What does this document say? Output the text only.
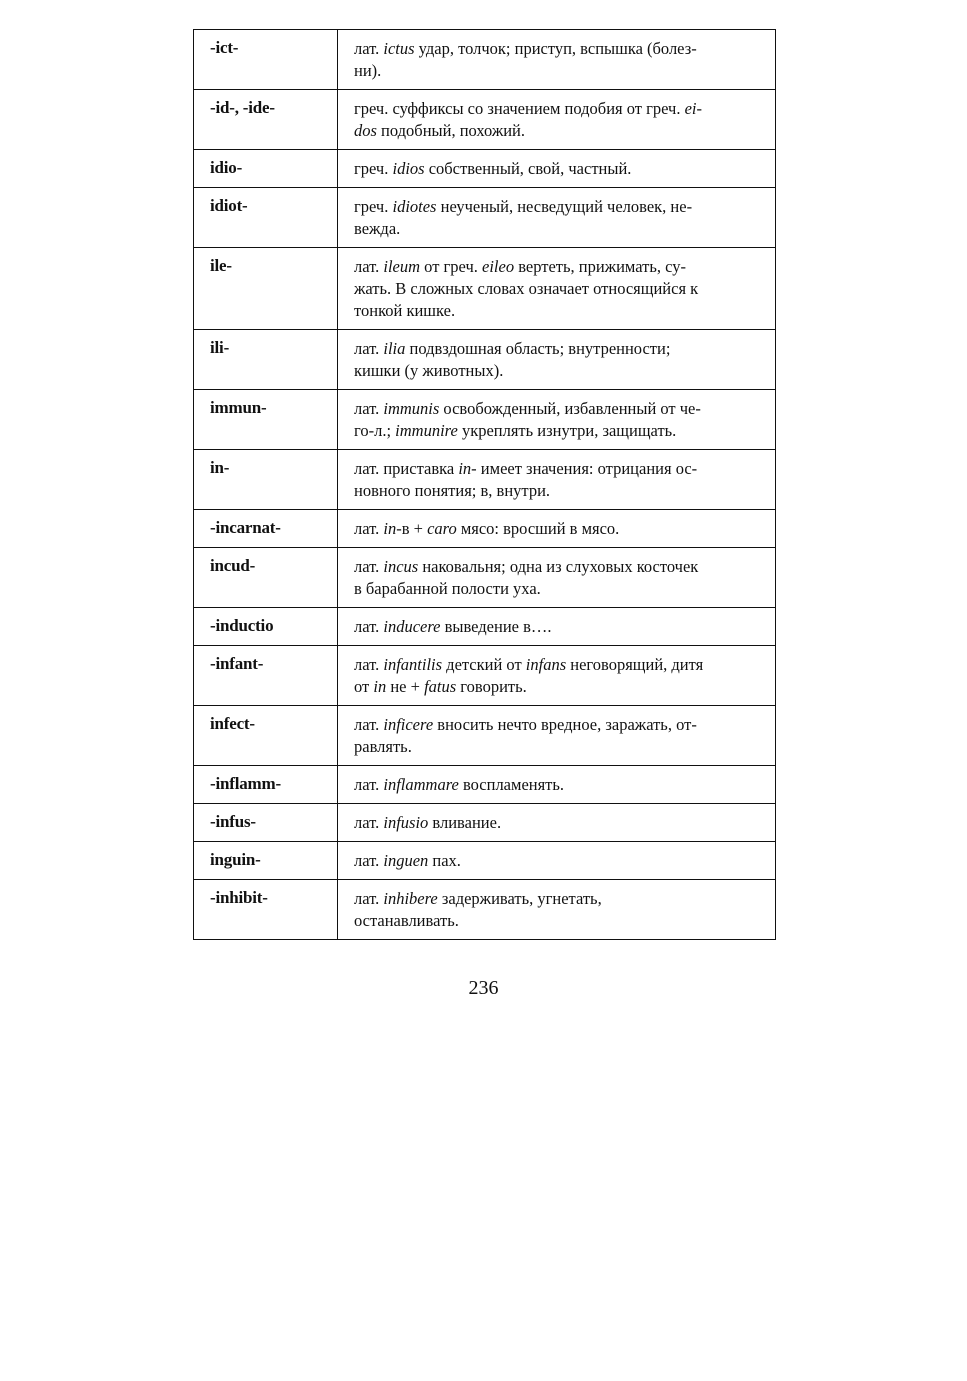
-ict-	лат. ictus удар, толчок; приступ, вспышка (болез-
ни).

-id-, -ide-	греч. суффиксы со значением подобия от греч. ei-
dos подобный, похожий.

idio-	греч. idios собственный, свой, частный.

idiot-	греч. idiotes неученый, несведущий человек, не-
вежда.

ile-	лат. ileum от греч. eileo вертеть, прижимать, су-
жать. В сложных словах означает относящийся к
тонкой кишке.

ili-	лат. ilia подвздошная область; внутренности;
кишки (у животных).

immun-	лат. immunis освобожденный, избавленный от че-
го-л.; immunire укреплять изнутри, защищать.

in-	лат. приставка in- имеет значения: отрицания ос-
новного понятия; в, внутри.

-incarnat-	лат. in-в + caro мясо: вросший в мясо.

incud-	лат. incus наковальня; одна из слуховых косточек
в барабанной полости уха.

-inductio	лат. inducere выведение в….

-infant-	лат. infantilis детский от infans неговорящий, дитя
от in не + fatus говорить.

infect-	лат. inficere вносить нечто вредное, заражать, от-
равлять.

-inflamm-	лат. inflammare воспламенять.

-infus-	лат. infusio вливание.

inguin-	лат. inguen пах.

-inhibit-	лат. inhibere задерживать, угнетать,
останавливать.
236
